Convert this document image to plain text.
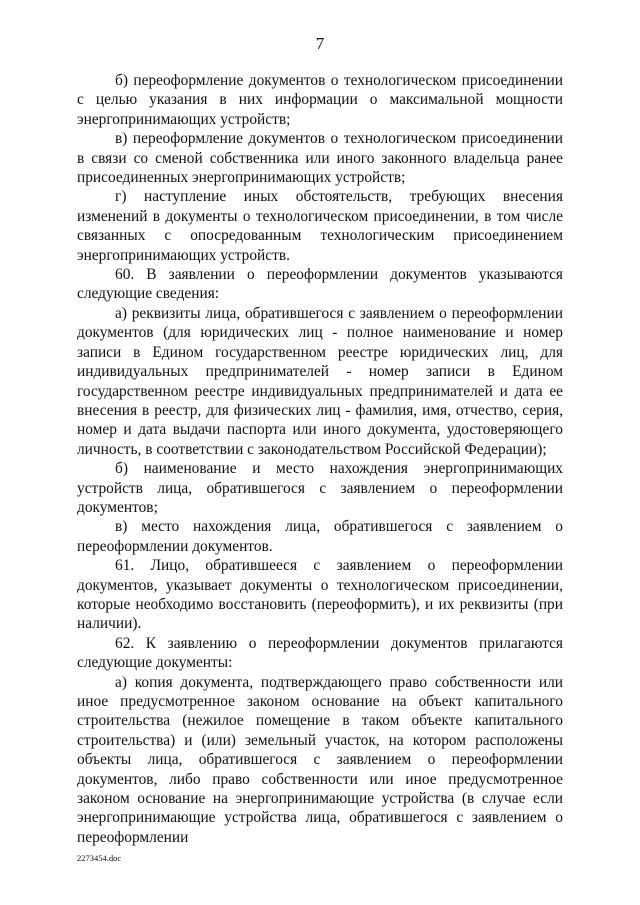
7

б) переоформление документов о технологическом присоединении с целью указания в них информации о максимальной мощности энергопринимающих устройств;

в) переоформление документов о технологическом присоединении в связи со сменой собственника или иного законного владельца ранее присоединенных энергопринимающих устройств;

г) наступление иных обстоятельств, требующих внесения изменений в документы о технологическом присоединении, в том числе связанных с опосредованным технологическим присоединением энергопринимающих устройств.

60. В заявлении о переоформлении документов указываются следующие сведения:

а) реквизиты лица, обратившегося с заявлением о переоформлении документов (для юридических лиц - полное наименование и номер записи в Едином государственном реестре юридических лиц, для индивидуальных предпринимателей - номер записи в Едином государственном реестре индивидуальных предпринимателей и дата ее внесения в реестр, для физических лиц - фамилия, имя, отчество, серия, номер и дата выдачи паспорта или иного документа, удостоверяющего личность, в соответствии с законодательством Российской Федерации);

б) наименование и место нахождения энергопринимающих устройств лица, обратившегося с заявлением о переоформлении документов;

в) место нахождения лица, обратившегося с заявлением о переоформлении документов.

61. Лицо, обратившееся с заявлением о переоформлении документов, указывает документы о технологическом присоединении, которые необходимо восстановить (переоформить), и их реквизиты (при наличии).

62. К заявлению о переоформлении документов прилагаются следующие документы:

а) копия документа, подтверждающего право собственности или иное предусмотренное законом основание на объект капитального строительства (нежилое помещение в таком объекте капитального строительства) и (или) земельный участок, на котором расположены объекты лица, обратившегося с заявлением о переоформлении документов, либо право собственности или иное предусмотренное законом основание на энергопринимающие устройства (в случае если энергопринимающие устройства лица, обратившегося с заявлением о переоформлении

2273454.doc
